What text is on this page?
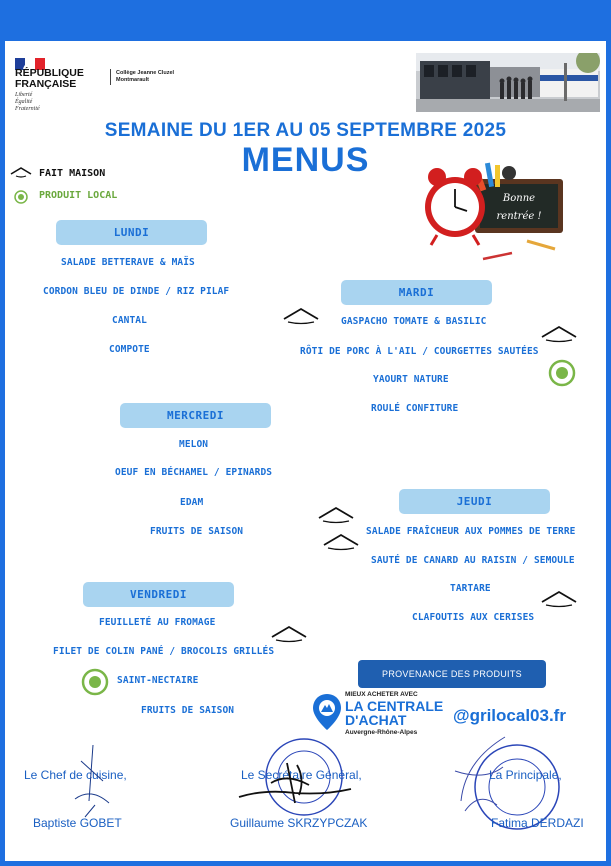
RÉPUBLIQUE
FRANÇAISE
Liberté
Égalité
Fraternité
Collège Jeanne Cluzel
Montmarault
SEMAINE DU 1ER AU 05 SEPTEMBRE 2025
MENUS
FAIT MAISON
PRODUIT LOCAL	Bonne
rentrée !
LUNDI
SALADE BETTERAVE & MAÏS
CORDON BLEU DE DINDE / RIZ PILAF
CANTAL
COMPOTE
MARDI
GASPACHO TOMATE & BASILIC
RÔTI DE PORC À L'AIL / COURGETTES SAUTÉES
YAOURT NATURE
ROULÉ CONFITURE
MERCREDI
MELON
OEUF EN BÉCHAMEL / EPINARDS
EDAM
FRUITS DE SAISON
JEUDI
SALADE FRAÎCHEUR AUX POMMES DE TERRE
SAUTÉ DE CANARD AU RAISIN / SEMOULE
TARTARE
CLAFOUTIS AUX CERISES
VENDREDI
FEUILLETÉ AU FROMAGE
FILET DE COLIN PANÉ / BROCOLIS GRILLÉS
SAINT-NECTAIRE
FRUITS DE SAISON
PROVENANCE DES PRODUITS
MIEUX ACHETER AVEC
LA CENTRALE
D'ACHAT
Auvergne-Rhône-Alpes
@grilocal03.fr
Le Chef de cuisine,
Baptiste GOBET
Le Secrétaire Général,
Guillaume SKRZYPCZAK
La Principale,
Fatima DERDAZI
